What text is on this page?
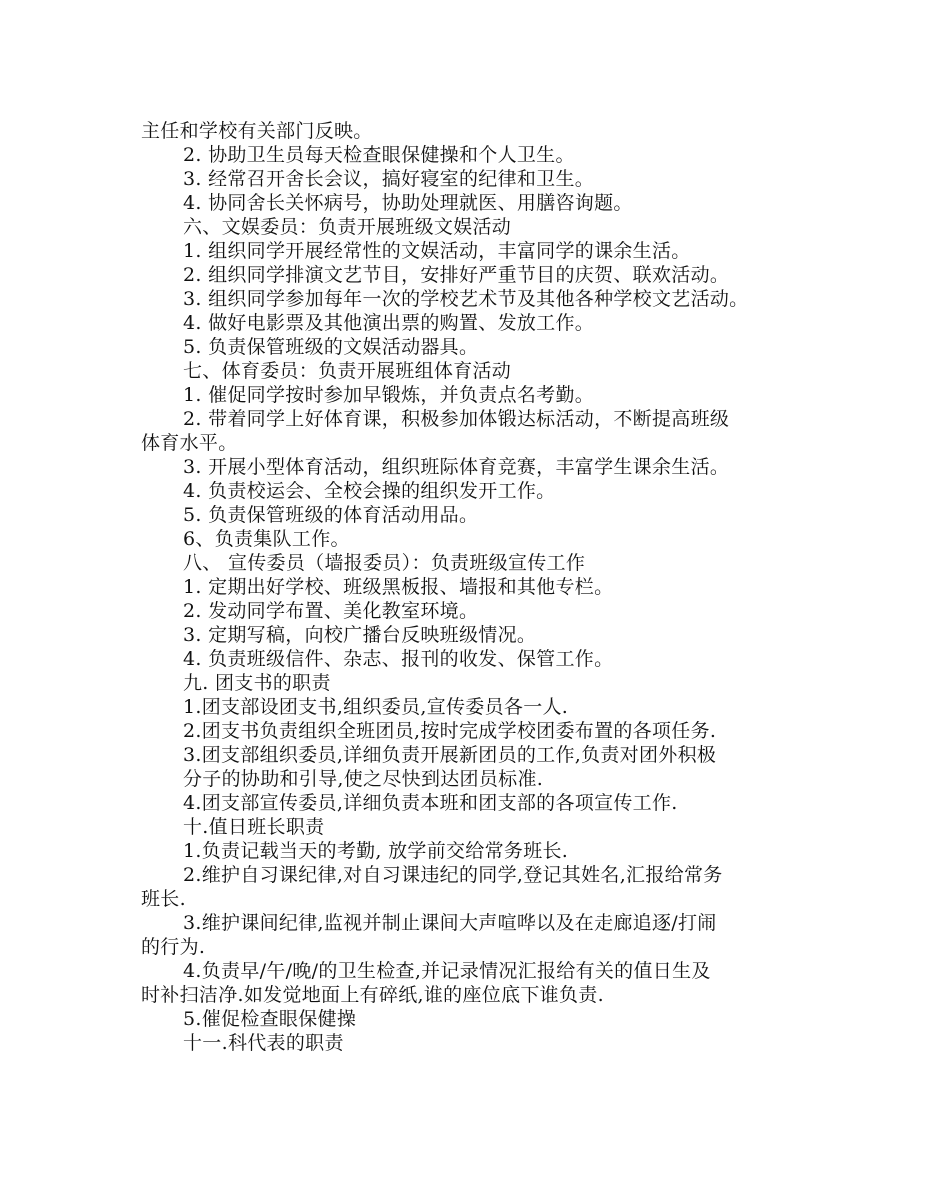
主任和学校有关部门反映。
2. 协助卫生员每天检查眼保健操和个人卫生。
3. 经常召开舍长会议，搞好寝室的纪律和卫生。
4. 协同舍长关怀病号，协助处理就医、用膳咨询题。
六、文娱委员：负责开展班级文娱活动
1. 组织同学开展经常性的文娱活动，丰富同学的课余生活。
2. 组织同学排演文艺节目，安排好严重节目的庆贺、联欢活动。
3. 组织同学参加每年一次的学校艺术节及其他各种学校文艺活动。
4. 做好电影票及其他演出票的购置、发放工作。
5. 负责保管班级的文娱活动器具。
七、体育委员：负责开展班组体育活动
1. 催促同学按时参加早锻炼，并负责点名考勤。
2. 带着同学上好体育课，积极参加体锻达标活动，不断提高班级
体育水平。
3. 开展小型体育活动，组织班际体育竞赛，丰富学生课余生活。
4. 负责校运会、全校会操的组织发开工作。
5. 负责保管班级的体育活动用品。
6、负责集队工作。
八、 宣传委员（墙报委员）：负责班级宣传工作
1. 定期出好学校、班级黑板报、墙报和其他专栏。
2. 发动同学布置、美化教室环境。
3. 定期写稿，向校广播台反映班级情况。
4. 负责班级信件、杂志、报刊的收发、保管工作。
九. 团支书的职责
1.团支部设团支书,组织委员,宣传委员各一人.
2.团支书负责组织全班团员,按时完成学校团委布置的各项任务.
3.团支部组织委员,详细负责开展新团员的工作,负责对团外积极
分子的协助和引导,使之尽快到达团员标准.
4.团支部宣传委员,详细负责本班和团支部的各项宣传工作.
十.值日班长职责
1.负责记载当天的考勤, 放学前交给常务班长.
2.维护自习课纪律,对自习课违纪的同学,登记其姓名,汇报给常务
班长.
3.维护课间纪律,监视并制止课间大声喧哗以及在走廊追逐/打闹
的行为.
4.负责早/午/晚/的卫生检查,并记录情况汇报给有关的值日生及
时补扫洁净.如发觉地面上有碎纸,谁的座位底下谁负责.
5.催促检查眼保健操
十一.科代表的职责
